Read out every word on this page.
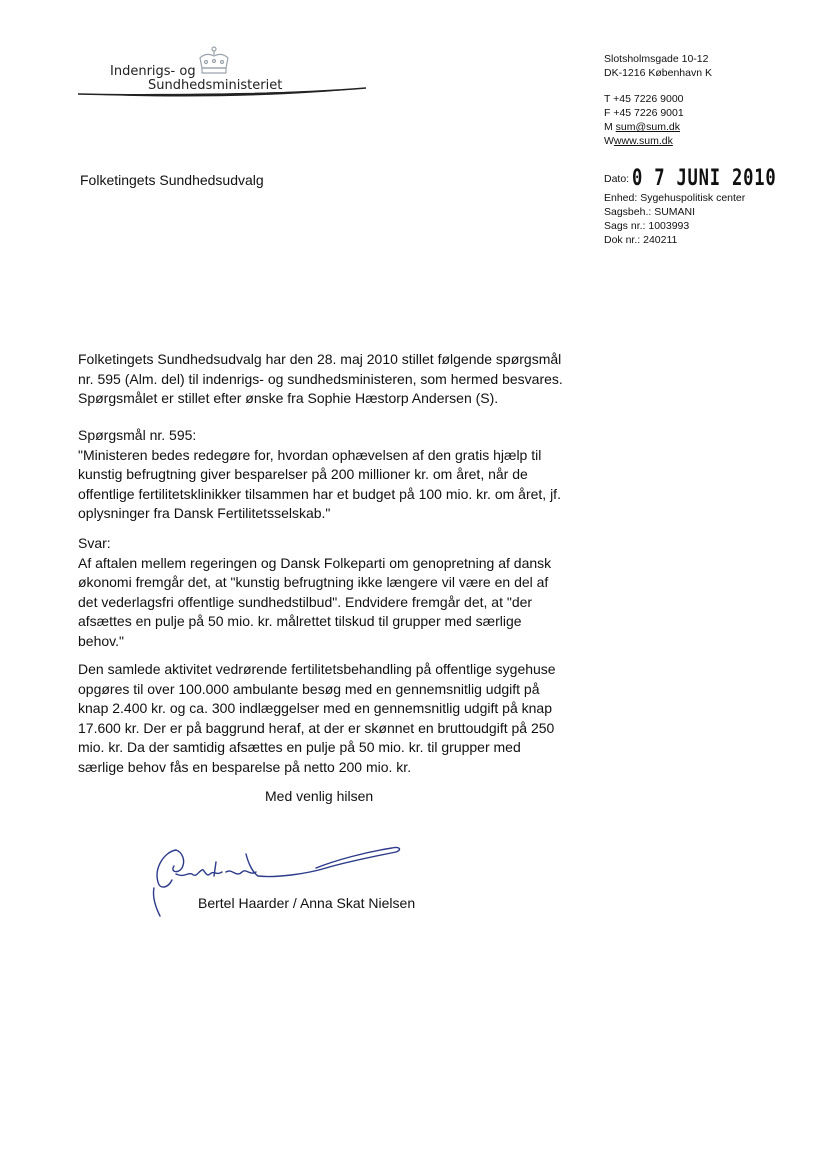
Indenrigs- og
Sundhedsministeriet
Slotsholmsgade 10-12
DK-1216 København K
T +45 7226 9000
F +45 7226 9001
M sum@sum.dk
Wwww.sum.dk
Folketingets Sundhedsudvalg	Dato: 0 7 JUNI 2010
Enhed: Sygehuspolitisk center
Sagsbeh.: SUMANI
Sags nr.: 1003993
Dok nr.: 240211
Folketingets Sundhedsudvalg har den 28. maj 2010 stillet følgende spørgsmål
nr. 595 (Alm. del) til indenrigs- og sundhedsministeren, som hermed besvares.
Spørgsmålet er stillet efter ønske fra Sophie Hæstorp Andersen (S).
Spørgsmål nr. 595:
"Ministeren bedes redegøre for, hvordan ophævelsen af den gratis hjælp til
kunstig befrugtning giver besparelser på 200 millioner kr. om året, når de
offentlige fertilitetsklinikker tilsammen har et budget på 100 mio. kr. om året, jf.
oplysninger fra Dansk Fertilitetsselskab."
Svar:
Af aftalen mellem regeringen og Dansk Folkeparti om genopretning af dansk
økonomi fremgår det, at "kunstig befrugtning ikke længere vil være en del af
det vederlagsfri offentlige sundhedstilbud". Endvidere fremgår det, at "der
afsættes en pulje på 50 mio. kr. målrettet tilskud til grupper med særlige
behov."
Den samlede aktivitet vedrørende fertilitetsbehandling på offentlige sygehuse
opgøres til over 100.000 ambulante besøg med en gennemsnitlig udgift på
knap 2.400 kr. og ca. 300 indlæggelser med en gennemsnitlig udgift på knap
17.600 kr. Der er på baggrund heraf, at der er skønnet en bruttoudgift på 250
mio. kr. Da der samtidig afsættes en pulje på 50 mio. kr. til grupper med
særlige behov fås en besparelse på netto 200 mio. kr.
Med venlig hilsen
Bertel Haarder / Anna Skat Nielsen
